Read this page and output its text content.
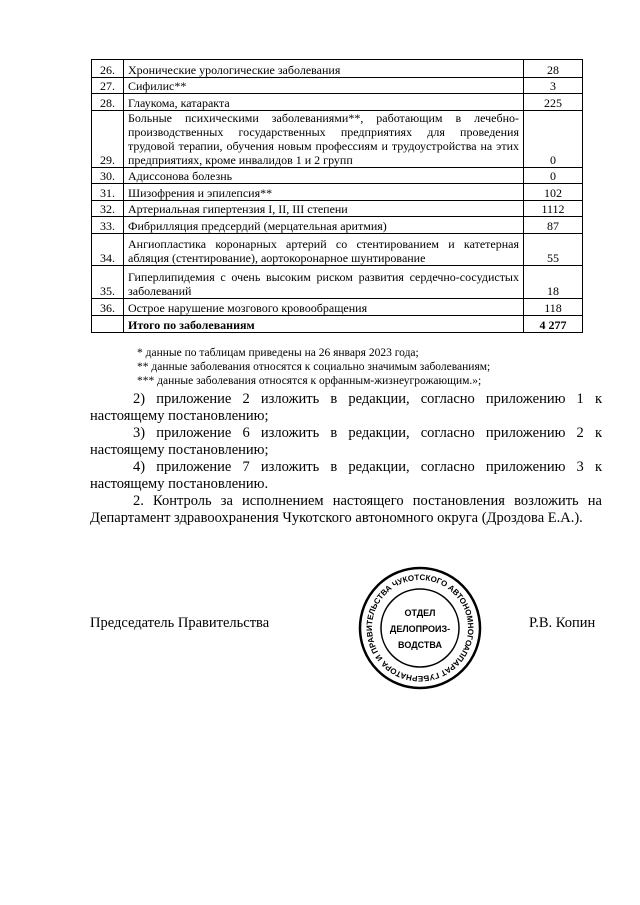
26.	Хронические урологические заболевания	28
27.	Сифилис**	3
28.	Глаукома, катаракта	225
29.	Больные психическими заболеваниями**, работающим в лечебно-производственных государственных предприятиях для проведения трудовой терапии, обучения новым профессиям и трудоустройства на этих предприятиях, кроме инвалидов 1 и 2 групп	0
30.	Адиссонова болезнь	0
31.	Шизофрения и эпилепсия**	102
32.	Артериальная гипертензия I, II, III степени	1112
33.	Фибрилляция предсердий (мерцательная аритмия)	87
34.	Ангиопластика коронарных артерий со стентированием и катетерная абляция (стентирование), аортокоронарное шунтирование	55
35.	Гиперлипидемия с очень высоким риском развития сердечно-сосудистых заболеваний	18
36.	Острое нарушение мозгового кровообращения	118
	Итого по заболеваниям	4 277
* данные по таблицам приведены на 26 января 2023 года;
** данные заболевания относятся к социально значимым заболеваниям;
*** данные заболевания относятся к орфанным-жизнеугрожающим.»;
2) приложение 2 изложить в редакции, согласно приложению 1 к настоящему постановлению;
3) приложение 6 изложить в редакции, согласно приложению 2 к настоящему постановлению;
4) приложение 7 изложить в редакции, согласно приложению 3 к настоящему постановлению.
2. Контроль за исполнением настоящего постановления возложить на Департамент здравоохранения Чукотского автономного округа (Дроздова Е.А.).
Председатель Правительства	Р.В. Копин
АППАРАТ ГУБЕРНАТОРА И ПРАВИТЕЛЬСТВА ЧУКОТСКОГО АВТОНОМНОГО
ОТДЕЛ
ДЕЛОПРОИЗ-
ВОДСТВА
